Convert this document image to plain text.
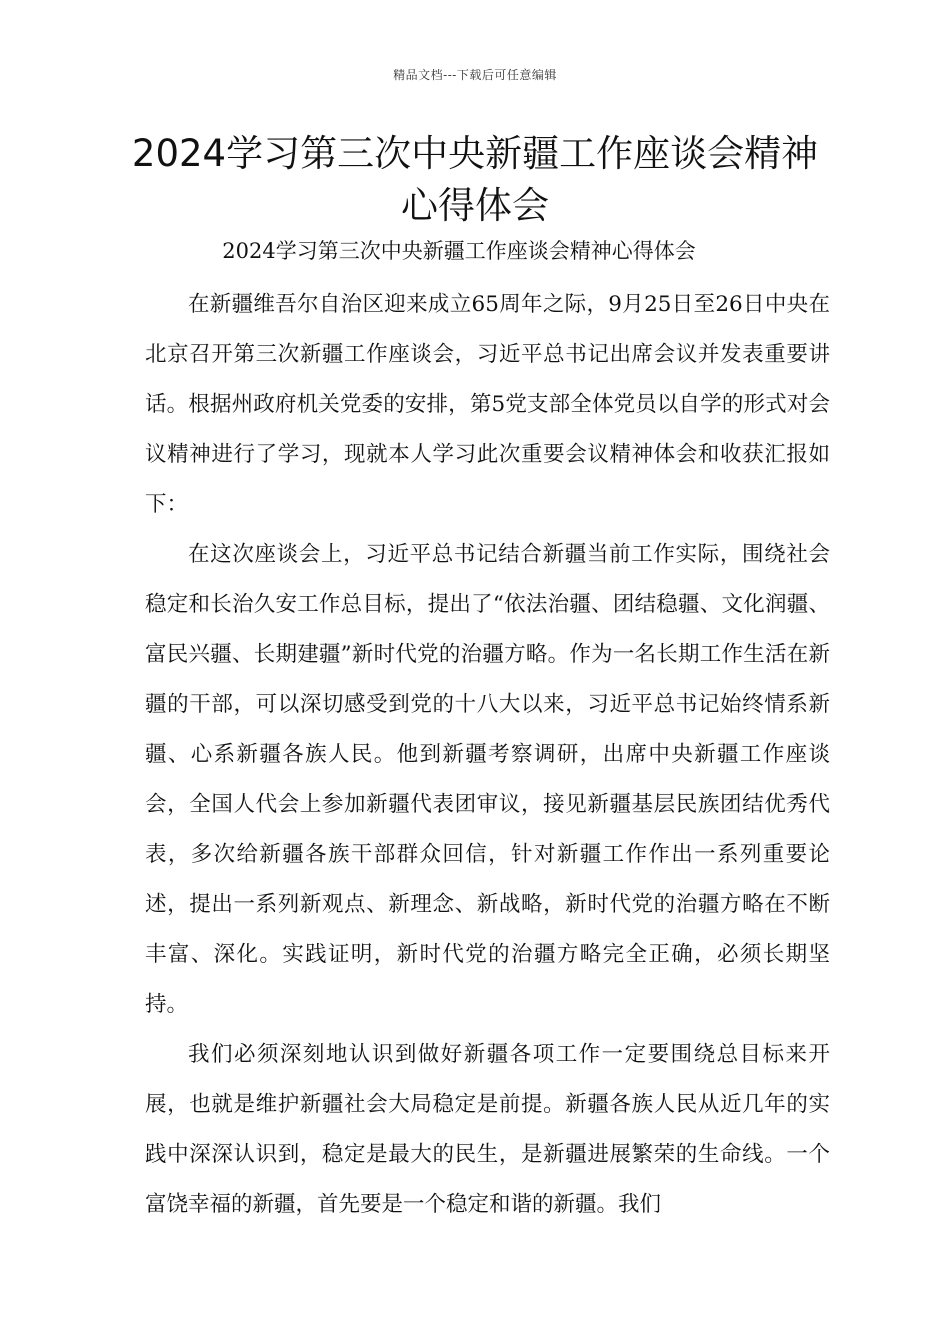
精品文档---下载后可任意编辑
2024学习第三次中央新疆工作座谈会精神心得体会

2024学习第三次中央新疆工作座谈会精神心得体会

在新疆维吾尔自治区迎来成立65周年之际，9月25日至26日中央在北京召开第三次新疆工作座谈会，习近平总书记出席会议并发表重要讲话。根据州政府机关党委的安排，第5党支部全体党员以自学的形式对会议精神进行了学习，现就本人学习此次重要会议精神体会和收获汇报如下：

在这次座谈会上，习近平总书记结合新疆当前工作实际，围绕社会稳定和长治久安工作总目标，提出了“依法治疆、团结稳疆、文化润疆、富民兴疆、长期建疆”新时代党的治疆方略。作为一名长期工作生活在新疆的干部，可以深切感受到党的十八大以来，习近平总书记始终情系新疆、心系新疆各族人民。他到新疆考察调研，出席中央新疆工作座谈会，全国人代会上参加新疆代表团审议，接见新疆基层民族团结优秀代表，多次给新疆各族干部群众回信，针对新疆工作作出一系列重要论述，提出一系列新观点、新理念、新战略，新时代党的治疆方略在不断丰富、深化。实践证明，新时代党的治疆方略完全正确，必须长期坚持。

我们必须深刻地认识到做好新疆各项工作一定要围绕总目标来开展，也就是维护新疆社会大局稳定是前提。新疆各族人民从近几年的实践中深深认识到，稳定是最大的民生，是新疆进展繁荣的生命线。一个富饶幸福的新疆，首先要是一个稳定和谐的新疆。我们
